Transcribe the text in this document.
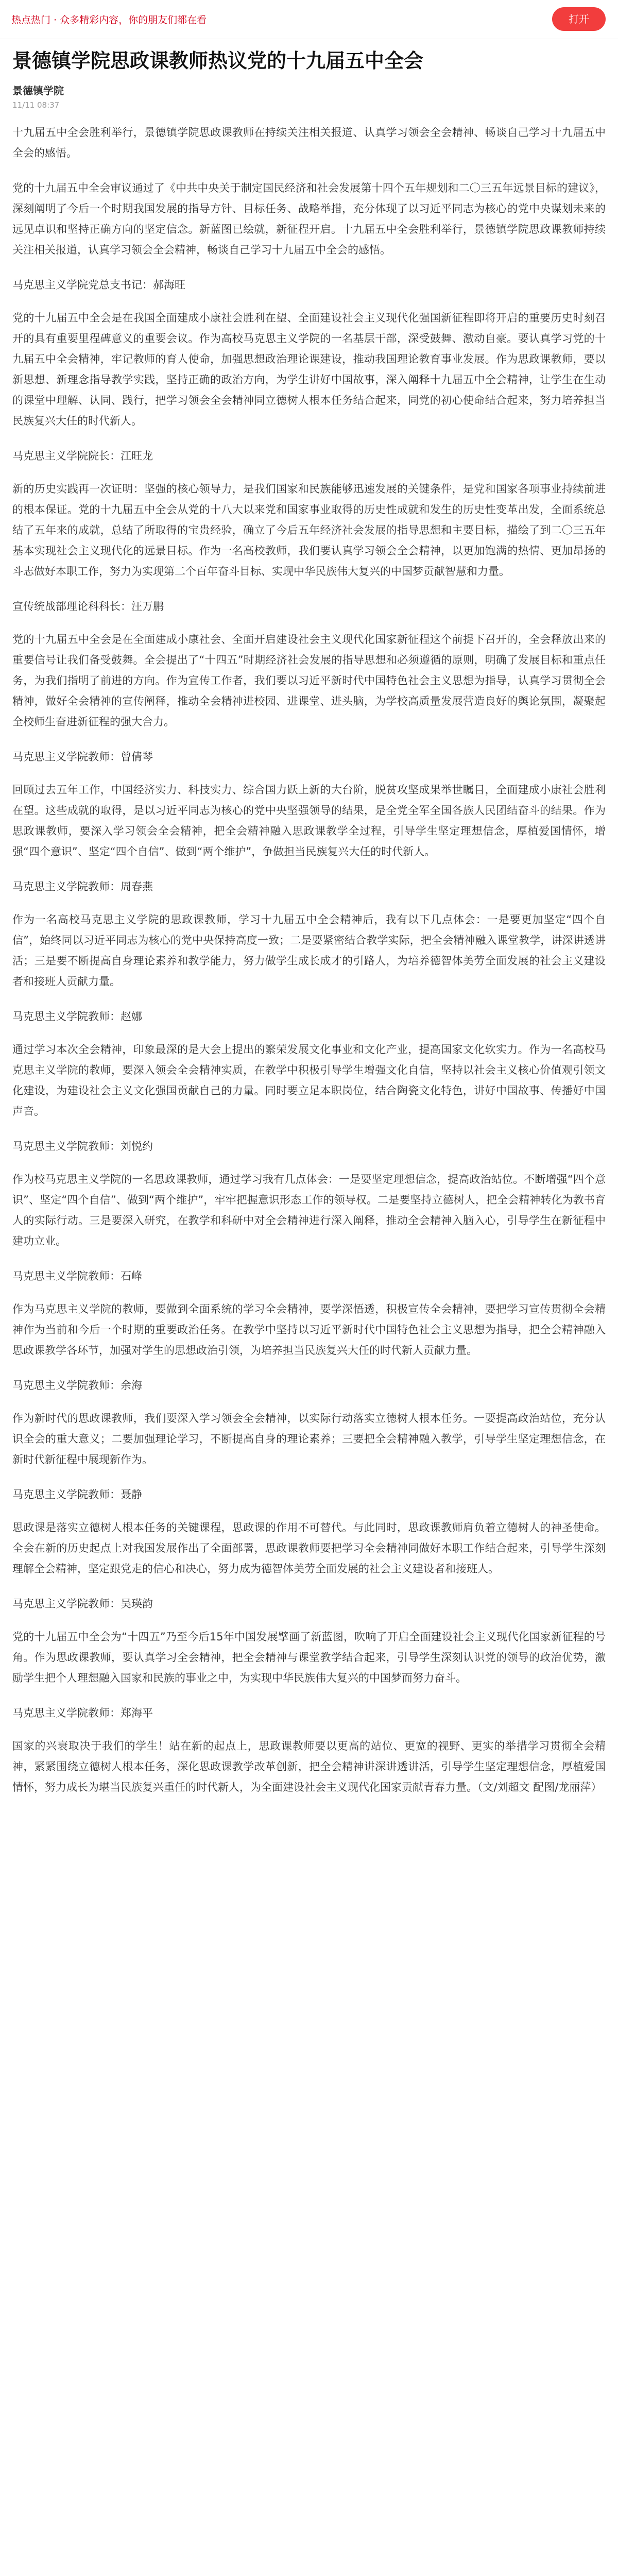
热点热门 · 众多精彩内容，你的朋友们都在看	打开
景德镇学院思政课教师热议党的十九届五中全会
景德镇学院
11/11 08:37
十九届五中全会胜利举行，景德镇学院思政课教师在持续关注相关报道、认真学习领会全会精神、畅谈自己学习十九届五中全会的感悟。
党的十九届五中全会审议通过了《中共中央关于制定国民经济和社会发展第十四个五年规划和二〇三五年远景目标的建议》，深刻阐明了今后一个时期我国发展的指导方针、目标任务、战略举措，充分体现了以习近平同志为核心的党中央谋划未来的远见卓识和坚持正确方向的坚定信念。新蓝图已绘就，新征程开启。十九届五中全会胜利举行，景德镇学院思政课教师持续关注相关报道，认真学习领会全会精神，畅谈自己学习十九届五中全会的感悟。
马克思主义学院党总支书记：郝海旺
党的十九届五中全会是在我国全面建成小康社会胜利在望、全面建设社会主义现代化强国新征程即将开启的重要历史时刻召开的具有重要里程碑意义的重要会议。作为高校马克思主义学院的一名基层干部，深受鼓舞、激动自豪。要认真学习党的十九届五中全会精神，牢记教师的育人使命，加强思想政治理论课建设，推动我国理论教育事业发展。作为思政课教师，要以新思想、新理念指导教学实践，坚持正确的政治方向，为学生讲好中国故事，深入阐释十九届五中全会精神，让学生在生动的课堂中理解、认同、践行，把学习领会全会精神同立德树人根本任务结合起来，同党的初心使命结合起来，努力培养担当民族复兴大任的时代新人。
马克思主义学院院长：江旺龙
新的历史实践再一次证明：坚强的核心领导力，是我们国家和民族能够迅速发展的关键条件，是党和国家各项事业持续前进的根本保证。党的十九届五中全会从党的十八大以来党和国家事业取得的历史性成就和发生的历史性变革出发，全面系统总结了五年来的成就，总结了所取得的宝贵经验，确立了今后五年经济社会发展的指导思想和主要目标，描绘了到二〇三五年基本实现社会主义现代化的远景目标。作为一名高校教师，我们要认真学习领会全会精神，以更加饱满的热情、更加昂扬的斗志做好本职工作，努力为实现第二个百年奋斗目标、实现中华民族伟大复兴的中国梦贡献智慧和力量。
宣传统战部理论科科长：汪万鹏
党的十九届五中全会是在全面建成小康社会、全面开启建设社会主义现代化国家新征程这个前提下召开的，全会释放出来的重要信号让我们备受鼓舞。全会提出了“十四五”时期经济社会发展的指导思想和必须遵循的原则，明确了发展目标和重点任务，为我们指明了前进的方向。作为宣传工作者，我们要以习近平新时代中国特色社会主义思想为指导，认真学习贯彻全会精神，做好全会精神的宣传阐释，推动全会精神进校园、进课堂、进头脑，为学校高质量发展营造良好的舆论氛围，凝聚起全校师生奋进新征程的强大合力。
马克思主义学院教师：曾倩琴
回顾过去五年工作，中国经济实力、科技实力、综合国力跃上新的大台阶，脱贫攻坚成果举世瞩目，全面建成小康社会胜利在望。这些成就的取得，是以习近平同志为核心的党中央坚强领导的结果，是全党全军全国各族人民团结奋斗的结果。作为思政课教师，要深入学习领会全会精神，把全会精神融入思政课教学全过程，引导学生坚定理想信念，厚植爱国情怀，增强“四个意识”、坚定“四个自信”、做到“两个维护”，争做担当民族复兴大任的时代新人。
马克思主义学院教师：周春燕
作为一名高校马克思主义学院的思政课教师，学习十九届五中全会精神后，我有以下几点体会：一是要更加坚定“四个自信”，始终同以习近平同志为核心的党中央保持高度一致；二是要紧密结合教学实际，把全会精神融入课堂教学，讲深讲透讲活；三是要不断提高自身理论素养和教学能力，努力做学生成长成才的引路人，为培养德智体美劳全面发展的社会主义建设者和接班人贡献力量。
马克思主义学院教师：赵娜
通过学习本次全会精神，印象最深的是大会上提出的繁荣发展文化事业和文化产业，提高国家文化软实力。作为一名高校马克思主义学院的教师，要深入领会全会精神实质，在教学中积极引导学生增强文化自信，坚持以社会主义核心价值观引领文化建设，为建设社会主义文化强国贡献自己的力量。同时要立足本职岗位，结合陶瓷文化特色，讲好中国故事、传播好中国声音。
马克思主义学院教师：刘悦约
作为校马克思主义学院的一名思政课教师，通过学习我有几点体会：一是要坚定理想信念，提高政治站位。不断增强“四个意识”、坚定“四个自信”、做到“两个维护”，牢牢把握意识形态工作的领导权。二是要坚持立德树人，把全会精神转化为教书育人的实际行动。三是要深入研究，在教学和科研中对全会精神进行深入阐释，推动全会精神入脑入心，引导学生在新征程中建功立业。
马克思主义学院教师：石峰
作为马克思主义学院的教师，要做到全面系统的学习全会精神，要学深悟透，积极宣传全会精神，要把学习宣传贯彻全会精神作为当前和今后一个时期的重要政治任务。在教学中坚持以习近平新时代中国特色社会主义思想为指导，把全会精神融入思政课教学各环节，加强对学生的思想政治引领，为培养担当民族复兴大任的时代新人贡献力量。
马克思主义学院教师：余海
作为新时代的思政课教师，我们要深入学习领会全会精神，以实际行动落实立德树人根本任务。一要提高政治站位，充分认识全会的重大意义；二要加强理论学习，不断提高自身的理论素养；三要把全会精神融入教学，引导学生坚定理想信念，在新时代新征程中展现新作为。
马克思主义学院教师：聂静
思政课是落实立德树人根本任务的关键课程，思政课的作用不可替代。与此同时，思政课教师肩负着立德树人的神圣使命。全会在新的历史起点上对我国发展作出了全面部署，思政课教师要把学习全会精神同做好本职工作结合起来，引导学生深刻理解全会精神，坚定跟党走的信心和决心，努力成为德智体美劳全面发展的社会主义建设者和接班人。
马克思主义学院教师：吴瑛韵
党的十九届五中全会为“十四五”乃至今后15年中国发展擘画了新蓝图，吹响了开启全面建设社会主义现代化国家新征程的号角。作为思政课教师，要认真学习全会精神，把全会精神与课堂教学结合起来，引导学生深刻认识党的领导的政治优势，激励学生把个人理想融入国家和民族的事业之中，为实现中华民族伟大复兴的中国梦而努力奋斗。
马克思主义学院教师：郑海平
国家的兴衰取决于我们的学生！站在新的起点上，思政课教师要以更高的站位、更宽的视野、更实的举措学习贯彻全会精神，紧紧围绕立德树人根本任务，深化思政课教学改革创新，把全会精神讲深讲透讲活，引导学生坚定理想信念，厚植爱国情怀，努力成长为堪当民族复兴重任的时代新人，为全面建设社会主义现代化国家贡献青春力量。（文/刘超文 配图/龙丽萍）
